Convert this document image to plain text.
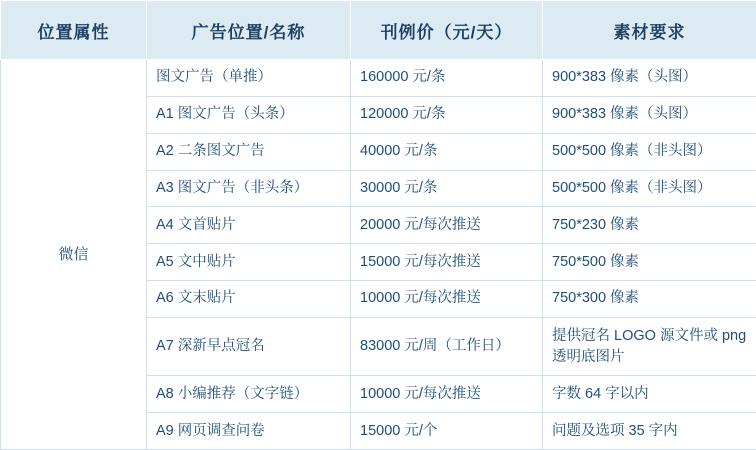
位置属性	广告位置/名称	刊例价（元/天）	素材要求
微信	图文广告（单推）	160000 元/条	900*383 像素（头图）
	A1 图文广告（头条）	120000 元/条	900*383 像素（头图）
	A2 二条图文广告	40000 元/条	500*500 像素（非头图）
	A3 图文广告（非头条）	30000 元/条	500*500 像素（非头图）
	A4 文首贴片	20000 元/每次推送	750*230 像素
	A5 文中贴片	15000 元/每次推送	750*500 像素
	A6 文末贴片	10000 元/每次推送	750*300 像素
	A7 深新早点冠名	83000 元/周（工作日）	提供冠名 LOGO 源文件或 png 透明底图片
	A8 小编推荐（文字链）	10000 元/每次推送	字数 64 字以内
	A9 网页调查问卷	15000 元/个	问题及选项 35 字内
